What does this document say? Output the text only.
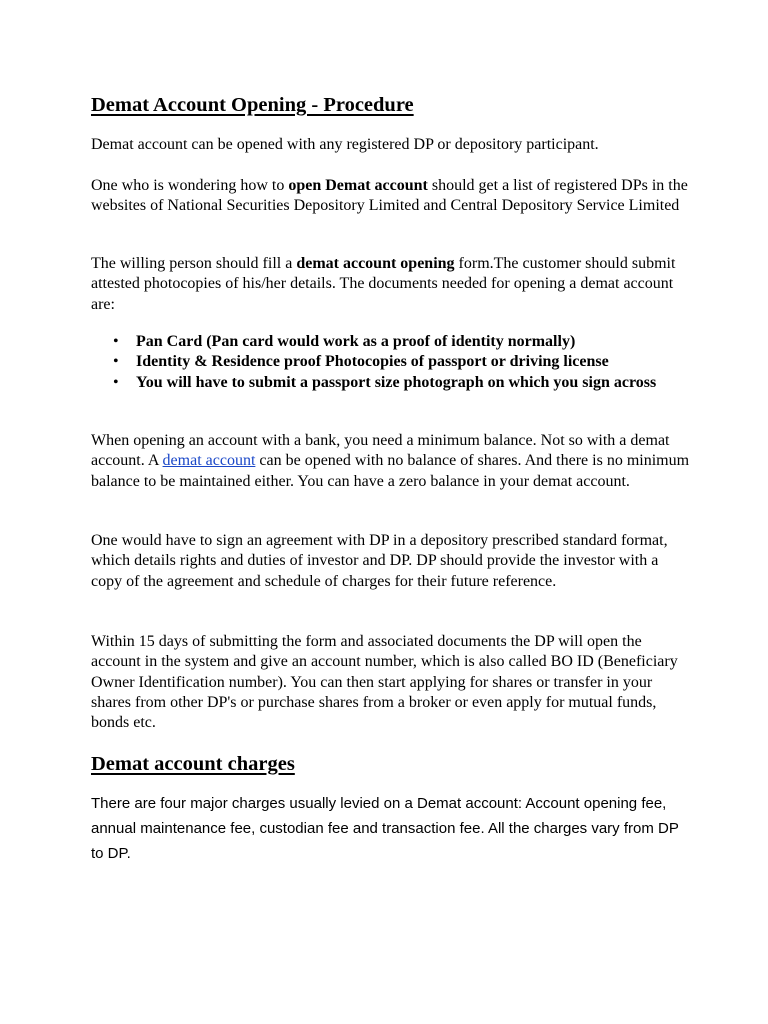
Demat Account Opening - Procedure

Demat account can be opened with any registered DP or depository participant.

One who is wondering how to open Demat account should get a list of registered DPs in the websites of National Securities Depository Limited and Central Depository Service Limited

The willing person should fill a demat account opening form.The customer should submit attested photocopies of his/her details. The documents needed for opening a demat account are:

• Pan Card (Pan card would work as a proof of identity normally)
• Identity & Residence proof Photocopies of passport or driving license
• You will have to submit a passport size photograph on which you sign across

When opening an account with a bank, you need a minimum balance. Not so with a demat account. A demat account can be opened with no balance of shares. And there is no minimum balance to be maintained either. You can have a zero balance in your demat account.

One would have to sign an agreement with DP in a depository prescribed standard format, which details rights and duties of investor and DP. DP should provide the investor with a copy of the agreement and schedule of charges for their future reference.

Within 15 days of submitting the form and associated documents the DP will open the account in the system and give an account number, which is also called BO ID (Beneficiary Owner Identification number). You can then start applying for shares or transfer in your shares from other DP's or purchase shares from a broker or even apply for mutual funds, bonds etc.

Demat account charges

There are four major charges usually levied on a Demat account: Account opening fee, annual maintenance fee, custodian fee and transaction fee. All the charges vary from DP to DP.
